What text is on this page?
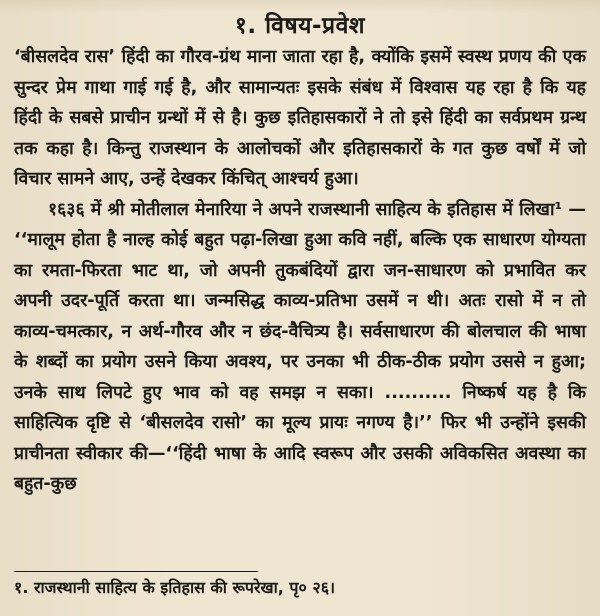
१. विषय-प्रवेश

‘बीसलदेव रास’ हिंदी का गौरव-ग्रंथ माना जाता रहा है, क्योंकि इसमें स्वस्थ प्रणय की एक सुन्दर प्रेम गाथा गाई गई है, और सामान्यतः इसके संबंध में विश्वास यह रहा है कि यह हिंदी के सबसे प्राचीन ग्रन्थों में से है। कुछ इतिहासकारों ने तो इसे हिंदी का सर्वप्रथम ग्रन्थ तक कहा है। किन्तु राजस्थान के आलोचकों और इतिहासकारों के गत कुछ वर्षों में जो विचार सामने आए, उन्हें देखकर किंचित् आश्चर्य हुआ।

१६३६ में श्री मोतीलाल मेनारिया ने अपने राजस्थानी साहित्य के इतिहास में लिखा¹ — ‘‘मालूम होता है नाल्ह कोई बहुत पढ़ा-लिखा हुआ कवि नहीं, बल्कि एक साधारण योग्यता का रमता-फिरता भाट था, जो अपनी तुकबंदियों द्वारा जन-साधारण को प्रभावित कर अपनी उदर-पूर्ति करता था। जन्मसिद्ध काव्य-प्रतिभा उसमें न थी। अतः रासो में न तो काव्य-चमत्कार, न अर्थ-गौरव और न छंद-वैचित्र्य है। सर्वसाधारण की बोलचाल की भाषा के शब्दों का प्रयोग उसने किया अवश्य, पर उनका भी ठीक-ठीक प्रयोग उससे न हुआ; उनके साथ लिपटे हुए भाव को वह समझ न सका। .......... निष्कर्ष यह है कि साहित्यिक दृष्टि से ‘बीसलदेव रासो’ का मूल्य प्रायः नगण्य है।’’ फिर भी उन्होंने इसकी प्राचीनता स्वीकार की—‘‘हिंदी भाषा के आदि स्वरूप और उसकी अविकसित अवस्था का बहुत-कुछ

१. राजस्थानी साहित्य के इतिहास की रूपरेखा, पृ० २६।
